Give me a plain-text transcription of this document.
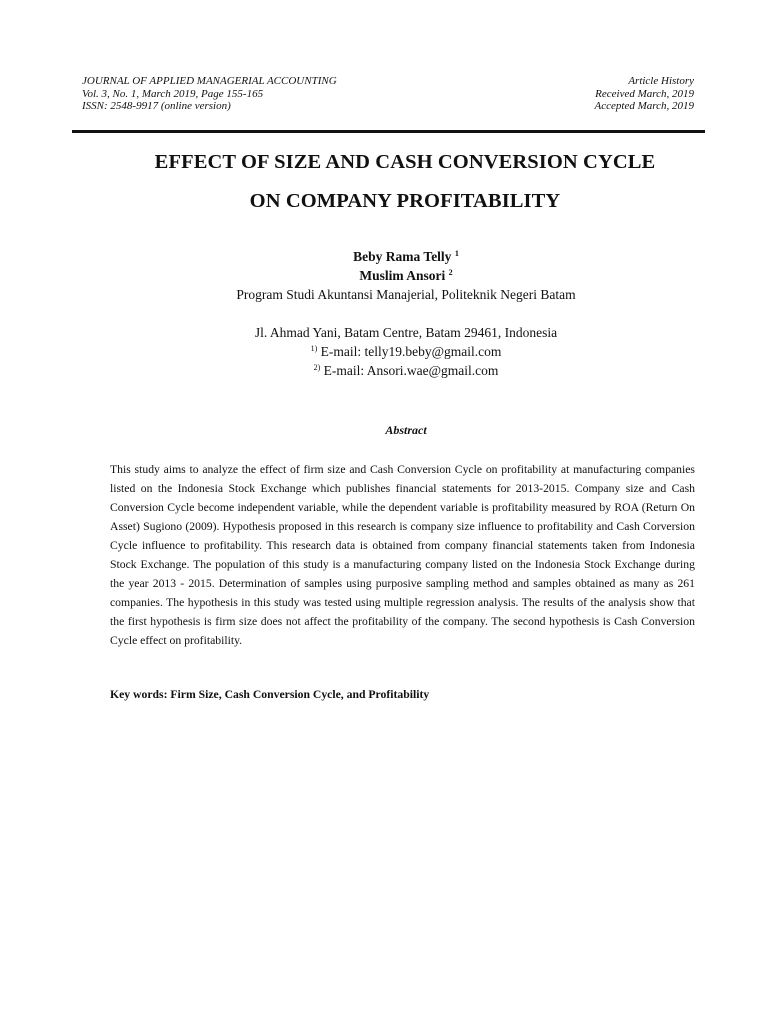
JOURNAL OF APPLIED MANAGERIAL ACCOUNTING
Vol. 3, No. 1, March 2019, Page 155-165
ISSN: 2548-9917 (online version)
Article History
Received March, 2019
Accepted March, 2019
EFFECT OF SIZE AND CASH CONVERSION CYCLE
ON COMPANY PROFITABILITY
Beby Rama Telly $^1$
Muslim Ansori $^2$
Program Studi Akuntansi Manajerial, Politeknik Negeri Batam
Jl. Ahmad Yani, Batam Centre, Batam 29461, Indonesia
$^{1)}$ E-mail: telly19.beby@gmail.com
$^{2)}$ E-mail: Ansori.wae@gmail.com
Abstract
This study aims to analyze the effect of firm size and Cash Conversion Cycle on profitability at manufacturing companies listed on the Indonesia Stock Exchange which publishes financial statements for 2013-2015. Company size and Cash Conversion Cycle become independent variable, while the dependent variable is profitability measured by ROA (Return On Asset) Sugiono (2009). Hypothesis proposed in this research is company size influence to profitability and Cash Corversion Cycle influence to profitability. This research data is obtained from company financial statements taken from Indonesia Stock Exchange. The population of this study is a manufacturing company listed on the Indonesia Stock Exchange during the year 2013 - 2015. Determination of samples using purposive sampling method and samples obtained as many as 261 companies. The hypothesis in this study was tested using multiple regression analysis. The results of the analysis show that the first hypothesis is firm size does not affect the profitability of the company. The second hypothesis is Cash Conversion Cycle effect on profitability.
Key words: Firm Size, Cash Conversion Cycle, and Profitability
